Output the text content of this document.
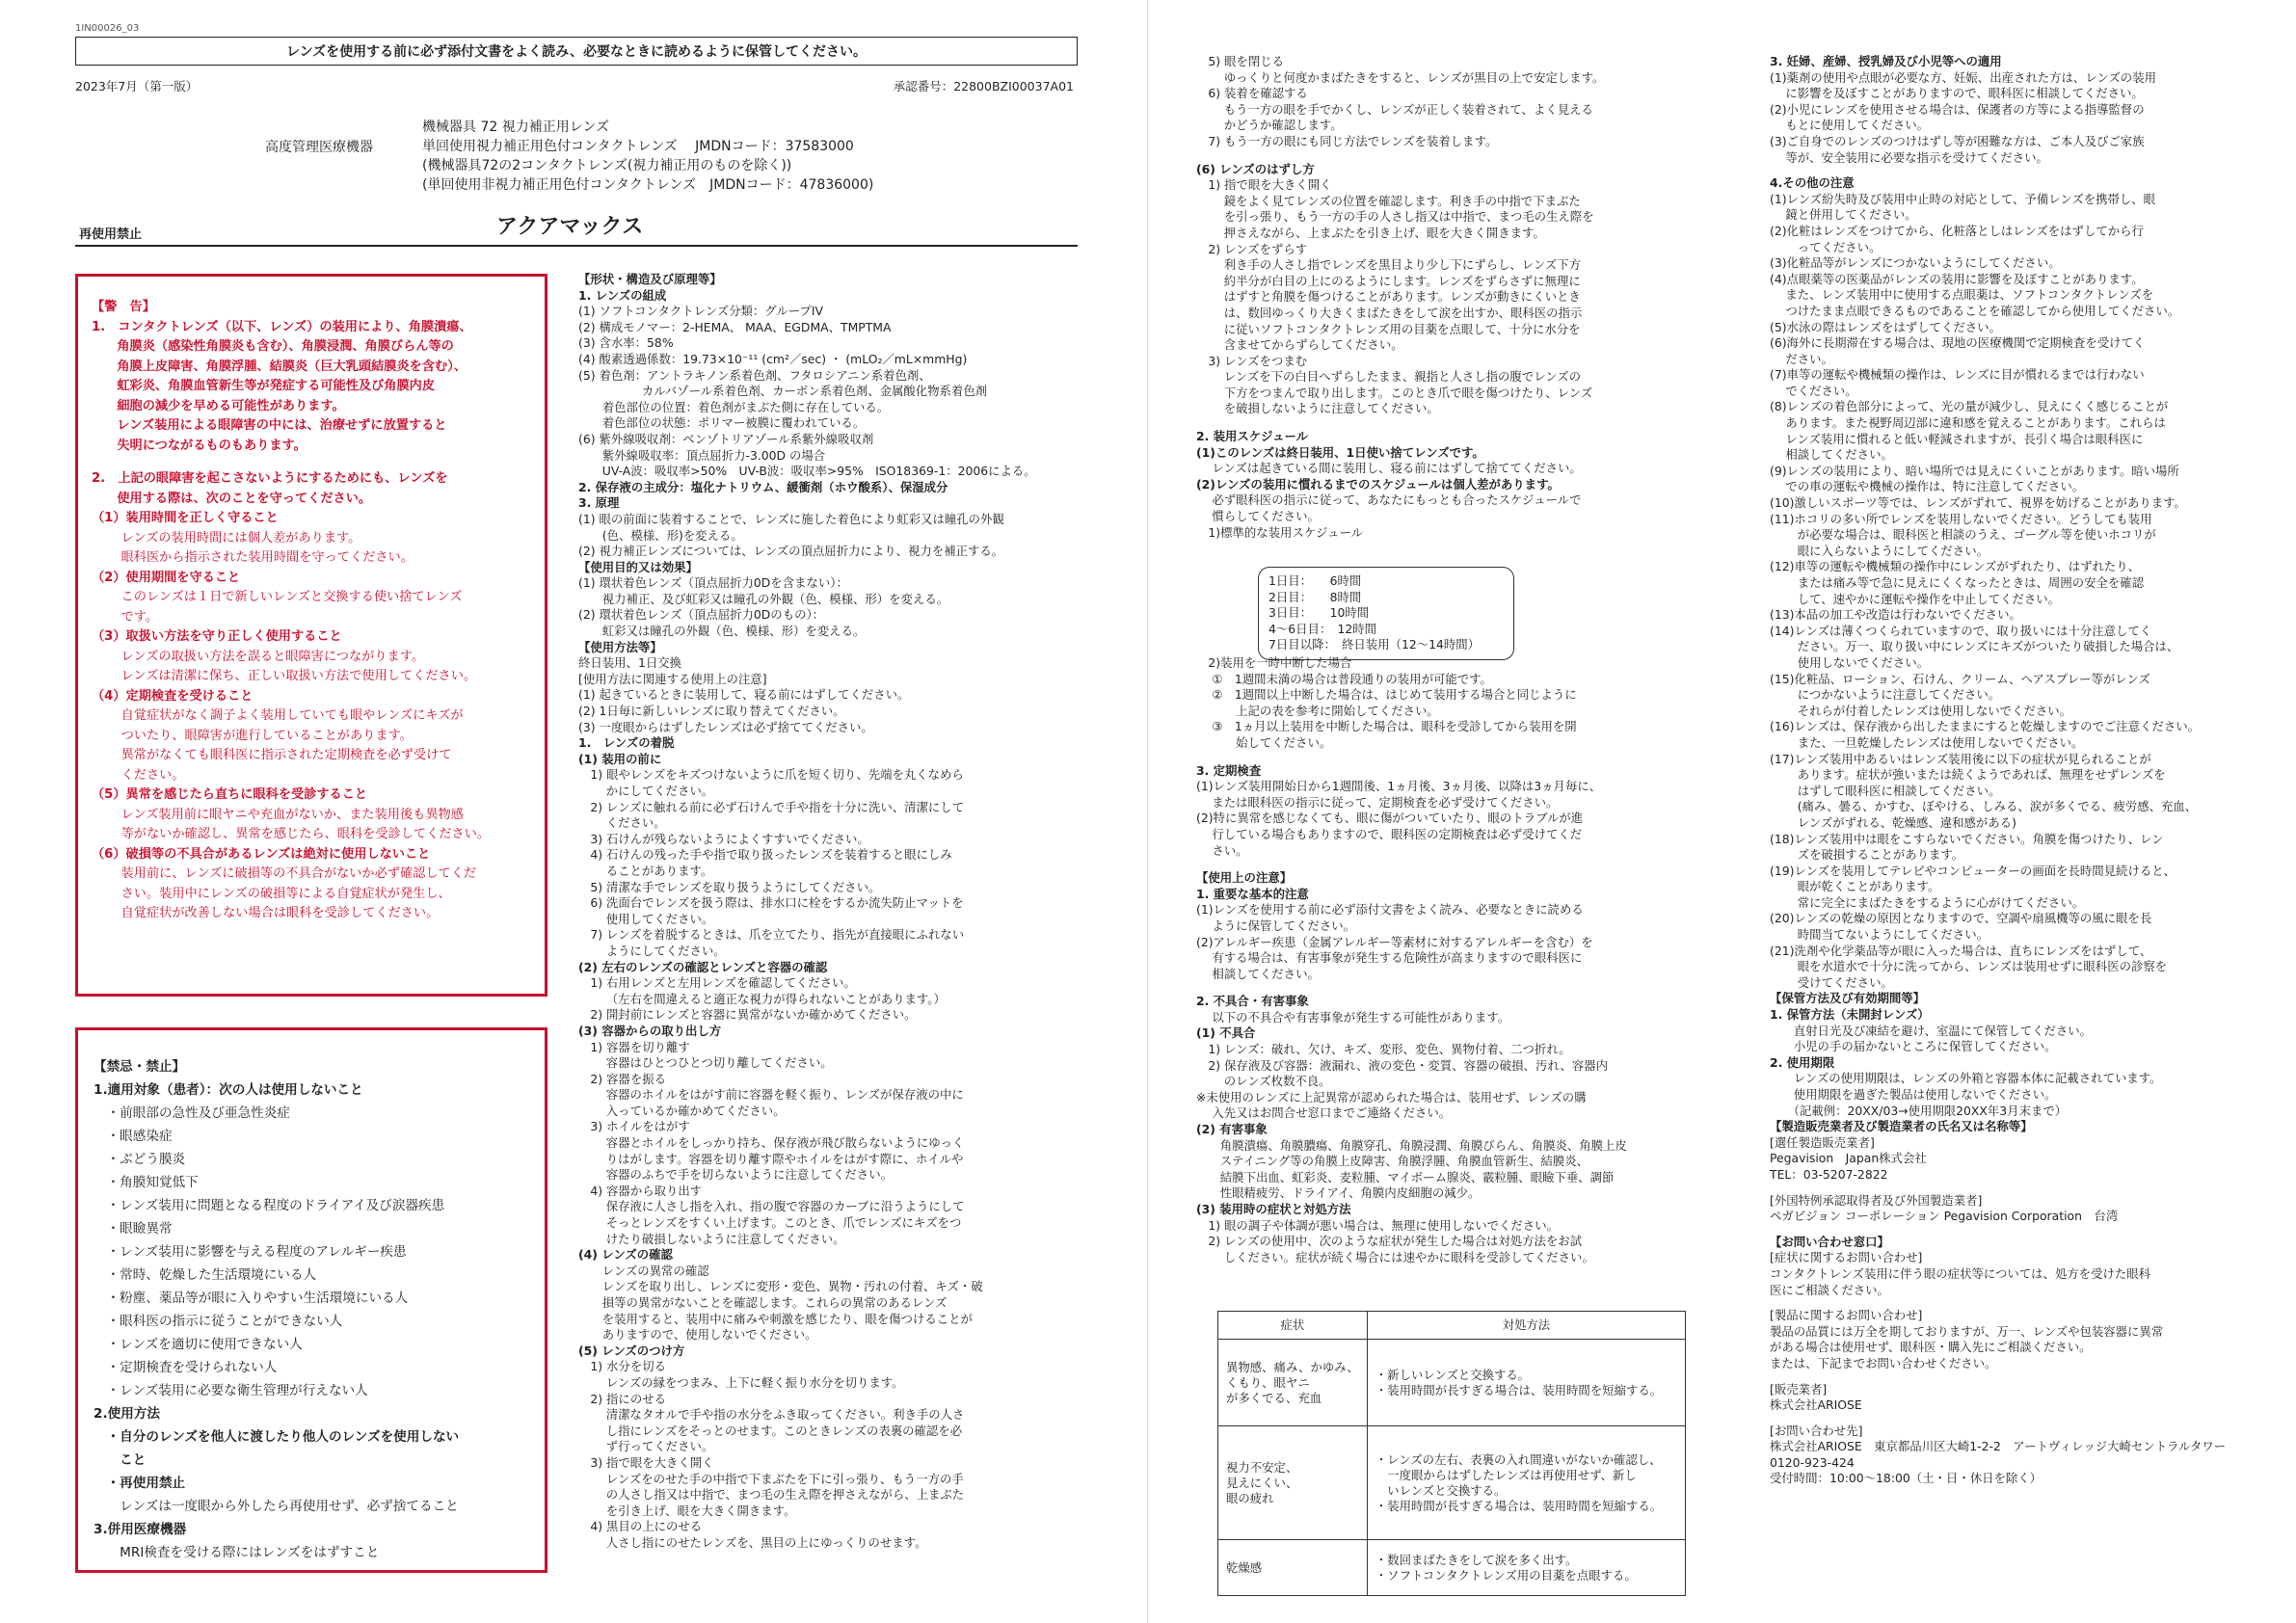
1IN00026_03
レンズを使用する前に必ず添付文書をよく読み、必要なときに読めるように保管してください。
2023年7月（第一版）	承認番号：22800BZI00037A01
高度管理医療機器
機械器具 72 視力補正用レンズ
単回使用視力補正用色付コンタクトレンズ　 JMDNコード：37583000
(機械器具72の2コンタクトレンズ(視力補正用のものを除く))
(単回使用非視力補正用色付コンタクトレンズ　JMDNコード：47836000)
再使用禁止	アクアマックス
【警　告】
1.　コンタクトレンズ（以下、レンズ）の装用により、角膜潰瘍、
　　角膜炎（感染性角膜炎も含む）、角膜浸潤、角膜びらん等の
　　角膜上皮障害、角膜浮腫、結膜炎（巨大乳頭結膜炎を含む）、
　　虹彩炎、角膜血管新生等が発症する可能性及び角膜内皮
　　細胞の減少を早める可能性があります。
　　レンズ装用による眼障害の中には、治療せずに放置すると
　　失明につながるものもあります。
2.　上記の眼障害を起こさないようにするためにも、レンズを
　　使用する際は、次のことを守ってください。
（1）装用時間を正しく守ること
　　 レンズの装用時間には個人差があります。
　　 眼科医から指示された装用時間を守ってください。
（2）使用期間を守ること
　　 このレンズは１日で新しいレンズと交換する使い捨てレンズ
　　 です。
（3）取扱い方法を守り正しく使用すること
　　 レンズの取扱い方法を誤ると眼障害につながります。
　　 レンズは清潔に保ち、正しい取扱い方法で使用してください。
（4）定期検査を受けること
　　 自覚症状がなく調子よく装用していても眼やレンズにキズが
　　 ついたり、眼障害が進行していることがあります。
　　 異常がなくても眼科医に指示された定期検査を必ず受けて
　　 ください。
（5）異常を感じたら直ちに眼科を受診すること
　　 レンズ装用前に眼ヤニや充血がないか、また装用後も異物感
　　 等がないか確認し、異常を感じたら、眼科を受診してください。
（6）破損等の不具合があるレンズは絶対に使用しないこと
　　 装用前に、レンズに破損等の不具合がないか必ず確認してくだ
　　 さい。装用中にレンズの破損等による自覚症状が発生し、
　　 自覚症状が改善しない場合は眼科を受診してください。
【禁忌・禁止】
1.適用対象（患者）：次の人は使用しないこと
　・前眼部の急性及び亜急性炎症
　・眼感染症
　・ぶどう膜炎
　・角膜知覚低下
　・レンズ装用に問題となる程度のドライアイ及び涙器疾患
　・眼瞼異常
　・レンズ装用に影響を与える程度のアレルギー疾患
　・常時、乾燥した生活環境にいる人
　・粉塵、薬品等が眼に入りやすい生活環境にいる人
　・眼科医の指示に従うことができない人
　・レンズを適切に使用できない人
　・定期検査を受けられない人
　・レンズ装用に必要な衛生管理が行えない人
2.使用方法
　・自分のレンズを他人に渡したり他人のレンズを使用しない
　　こと
　・再使用禁止
　　レンズは一度眼から外したら再使用せず、必ず捨てること
3.併用医療機器
　　MRI検査を受ける際にはレンズをはずすこと
【形状・構造及び原理等】
1. レンズの組成
(1) ソフトコンタクトレンズ分類：グループIV
(2) 構成モノマー：2-HEMA、 MAA、EGDMA、TMPTMA
(3) 含水率：58%
(4) 酸素透過係数：19.73×10⁻¹¹ (cm²／sec) ・ (mLO₂／mL×mmHg)
(5) 着色剤：アントラキノン系着色剤、フタロシアニン系着色剤、
　　　　　 カルバゾール系着色剤、カーボン系着色剤、金属酸化物系着色剤
　　着色部位の位置：着色剤がまぶた側に存在している。
　　着色部位の状態：ポリマー被膜に覆われている。
(6) 紫外線吸収剤：ベンゾトリアゾール系紫外線吸収剤
　　紫外線吸収率：頂点屈折力-3.00D の場合
　　UV-A波：吸収率>50%　UV-B波：吸収率>95%　ISO18369-1：2006による。
2. 保存液の主成分：塩化ナトリウム、緩衝剤（ホウ酸系）、保湿成分
3. 原理
(1) 眼の前面に装着することで、レンズに施した着色により虹彩又は瞳孔の外観
　　(色、模様、形)を変える。
(2) 視力補正レンズについては、レンズの頂点屈折力により、視力を補正する。
【使用目的又は効果】
(1) 環状着色レンズ（頂点屈折力0Dを含まない）：
　　視力補正、及び虹彩又は瞳孔の外観（色、模様、形）を変える。
(2) 環状着色レンズ（頂点屈折力0Dのもの）：
　　虹彩又は瞳孔の外観（色、模様、形）を変える。
【使用方法等】
終日装用、1日交換
[使用方法に関連する使用上の注意]
(1) 起きているときに装用して、寝る前にはずしてください。
(2) 1日毎に新しいレンズに取り替えてください。
(3) 一度眼からはずしたレンズは必ず捨ててください。
1.　レンズの着脱
(1) 装用の前に
　1) 眼やレンズをキズつけないように爪を短く切り、先端を丸くなめら
　　 かにしてください。
　2) レンズに触れる前に必ず石けんで手や指を十分に洗い、清潔にして
　　 ください。
　3) 石けんが残らないようによくすすいでください。
　4) 石けんの残った手や指で取り扱ったレンズを装着すると眼にしみ
　　 ることがあります。
　5) 清潔な手でレンズを取り扱うようにしてください。
　6) 洗面台でレンズを扱う際は、排水口に栓をするか流失防止マットを
　　 使用してください。
　7) レンズを着脱するときは、爪を立てたり、指先が直接眼にふれない
　　 ようにしてください。
(2) 左右のレンズの確認とレンズと容器の確認
　1) 右用レンズと左用レンズを確認してください。
　　 （左右を間違えると適正な視力が得られないことがあります。）
　2) 開封前にレンズと容器に異常がないか確かめてください。
(3) 容器からの取り出し方
　1) 容器を切り離す
　　 容器はひとつひとつ切り離してください。
　2) 容器を振る
　　 容器のホイルをはがす前に容器を軽く振り、レンズが保存液の中に
　　 入っているか確かめてください。
　3) ホイルをはがす
　　 容器とホイルをしっかり持ち、保存液が飛び散らないようにゆっく
　　 りはがします。容器を切り離す際やホイルをはがす際に、ホイルや
　　 容器のふちで手を切らないように注意してください。
　4) 容器から取り出す
　　 保存液に人さし指を入れ、指の腹で容器のカーブに沿うようにして
　　 そっとレンズをすくい上げます。このとき、爪でレンズにキズをつ
　　 けたり破損しないように注意してください。
(4) レンズの確認
　　レンズの異常の確認
　　レンズを取り出し、レンズに変形・変色、異物・汚れの付着、キズ・破
　　損等の異常がないことを確認します。これらの異常のあるレンズ
　　を装用すると、装用中に痛みや刺激を感じたり、眼を傷つけることが
　　ありますので、使用しないでください。
(5) レンズのつけ方
　1) 水分を切る
　　 レンズの縁をつまみ、上下に軽く振り水分を切ります。
　2) 指にのせる
　　 清潔なタオルで手や指の水分をふき取ってください。利き手の人さ
　　 し指にレンズをそっとのせます。このときレンズの表裏の確認を必
　　 ず行ってください。
　3) 指で眼を大きく開く
　　 レンズをのせた手の中指で下まぶたを下に引っ張り、もう一方の手
　　 の人さし指又は中指で、まつ毛の生え際を押さえながら、上まぶた
　　 を引き上げ、眼を大きく開きます。
　4) 黒目の上にのせる
　　 人さし指にのせたレンズを、黒目の上にゆっくりのせます。
　5) 眼を閉じる
　　 ゆっくりと何度かまばたきをすると、レンズが黒目の上で安定します。
　6) 装着を確認する
　　 もう一方の眼を手でかくし、レンズが正しく装着されて、よく見える
　　 かどうか確認します。
　7) もう一方の眼にも同じ方法でレンズを装着します。
(6) レンズのはずし方
　1) 指で眼を大きく開く
　　 鏡をよく見てレンズの位置を確認します。利き手の中指で下まぶた
　　 を引っ張り、もう一方の手の人さし指又は中指で、まつ毛の生え際を
　　 押さえながら、上まぶたを引き上げ、眼を大きく開きます。
　2) レンズをずらす
　　 利き手の人さし指でレンズを黒目より少し下にずらし、レンズ下方
　　 約半分が白目の上にのるようにします。レンズをずらさずに無理に
　　 はずすと角膜を傷つけることがあります。レンズが動きにくいとき
　　 は、数回ゆっくり大きくまばたきをして涙を出すか、眼科医の指示
　　 に従いソフトコンタクトレンズ用の目薬を点眼して、十分に水分を
　　 含ませてからずらしてください。
　3) レンズをつまむ
　　 レンズを下の白目へずらしたまま、親指と人さし指の腹でレンズの
　　 下方をつまんで取り出します。このとき爪で眼を傷つけたり、レンズ
　　 を破損しないように注意してください。
2. 装用スケジュール
(1)このレンズは終日装用、1日使い捨てレンズです。
　 レンズは起きている間に装用し、寝る前にはずして捨ててください。
(2)レンズの装用に慣れるまでのスケジュールは個人差があります。
　 必ず眼科医の指示に従って、あなたにもっとも合ったスケジュールで
　 慣らしてください。
　1)標準的な装用スケジュール
1日目：　　6時間
2日目：　　8時間
3日目：　　10時間
4～6日目：　12時間
7日目以降：　終日装用（12～14時間）
　2)装用を一時中断した場合
　 ①　1週間未満の場合は普段通りの装用が可能です。
　 ②　1週間以上中断した場合は、はじめて装用する場合と同じように
　　　 上記の表を参考に開始してください。
　 ③　1ヵ月以上装用を中断した場合は、眼科を受診してから装用を開
　　　 始してください。
3. 定期検査
(1)レンズ装用開始日から1週間後、1ヵ月後、3ヵ月後、以降は3ヵ月毎に、
　 または眼科医の指示に従って、定期検査を必ず受けてください。
(2)特に異常を感じなくても、眼に傷がついていたり、眼のトラブルが進
　 行している場合もありますので、眼科医の定期検査は必ず受けてくだ
　 さい。
【使用上の注意】
1. 重要な基本的注意
(1)レンズを使用する前に必ず添付文書をよく読み、必要なときに読める
　 ように保管してください。
(2)アレルギー疾患（金属アレルギー等素材に対するアレルギーを含む）を
　 有する場合は、有害事象が発生する危険性が高まりますので眼科医に
　 相談してください。
2. 不具合・有害事象
　 以下の不具合や有害事象が発生する可能性があります。
(1) 不具合
　1) レンズ：破れ、欠け、キズ、変形、変色、異物付着、二つ折れ。
　2) 保存液及び容器：液漏れ、液の変色・変質、容器の破損、汚れ、容器内
　　 のレンズ枚数不良。
※未使用のレンズに上記異常が認められた場合は、装用せず、レンズの購
　 入先又はお問合せ窓口までご連絡ください。
(2) 有害事象
　　角膜潰瘍、角膜膿瘍、角膜穿孔、角膜浸潤、角膜びらん、角膜炎、角膜上皮
　　ステイニング等の角膜上皮障害、角膜浮腫、角膜血管新生、結膜炎、
　　結膜下出血、虹彩炎、麦粒腫、マイボーム腺炎、霰粒腫、眼瞼下垂、調節
　　性眼精疲労、ドライアイ、角膜内皮細胞の減少。
(3) 装用時の症状と対処方法
　1) 眼の調子や体調が悪い場合は、無理に使用しないでください。
　2) レンズの使用中、次のような症状が発生した場合は対処方法をお試
　　 しください。症状が続く場合には速やかに眼科を受診してください。
症状	対処方法
異物感、痛み、かゆみ、
くもり、眼ヤニ
が多くでる、充血	・新しいレンズと交換する。
・装用時間が長すぎる場合は、装用時間を短縮する。
視力不安定、
見えにくい、
眼の疲れ	・レンズの左右、表裏の入れ間違いがないか確認し、
　一度眼からはずしたレンズは再使用せず、新し
　いレンズと交換する。
・装用時間が長すぎる場合は、装用時間を短縮する。
乾燥感	・数回まばたきをして涙を多く出す。
・ソフトコンタクトレンズ用の目薬を点眼する。
3. 妊婦、産婦、授乳婦及び小児等への適用
(1)薬剤の使用や点眼が必要な方、妊娠、出産された方は、レンズの装用
　 に影響を及ぼすことがありますので、眼科医に相談してください。
(2)小児にレンズを使用させる場合は、保護者の方等による指導監督の
　 もとに使用してください。
(3)ご自身でのレンズのつけはずし等が困難な方は、ご本人及びご家族
　 等が、安全装用に必要な指示を受けてください。
4.その他の注意
(1)レンズ紛失時及び装用中止時の対応として、予備レンズを携帯し、眼
　 鏡と併用してください。
(2)化粧はレンズをつけてから、化粧落としはレンズをはずしてから行
　　 ってください。
(3)化粧品等がレンズにつかないようにしてください。
(4)点眼薬等の医薬品がレンズの装用に影響を及ぼすことがあります。
　 また、レンズ装用中に使用する点眼薬は、ソフトコンタクトレンズを
　 つけたまま点眼できるものであることを確認してから使用してください。
(5)水泳の際はレンズをはずしてください。
(6)海外に長期滞在する場合は、現地の医療機関で定期検査を受けてく
　 ださい。
(7)車等の運転や機械類の操作は、レンズに目が慣れるまでは行わない
　 でください。
(8)レンズの着色部分によって、光の量が減少し、見えにくく感じることが
　 あります。また視野周辺部に違和感を覚えることがあります。これらは
　 レンズ装用に慣れると低い軽減されますが、長引く場合は眼科医に
　 相談してください。
(9)レンズの装用により、暗い場所では見えにくいことがあります。暗い場所
　 での車の運転や機械の操作は、特に注意してください。
(10)激しいスポーツ等では、レンズがずれて、視界を妨げることがあります。
(11)ホコリの多い所でレンズを装用しないでください。どうしても装用
　　 が必要な場合は、眼科医と相談のうえ、ゴーグル等を使いホコリが
　　 眼に入らないようにしてください。
(12)車等の運転や機械類の操作中にレンズがずれたり、はずれたり、
　　 または痛み等で急に見えにくくなったときは、周囲の安全を確認
　　 して、速やかに運転や操作を中止してください。
(13)本品の加工や改造は行わないでください。
(14)レンズは薄くつくられていますので、取り扱いには十分注意してく
　　 ださい。万一、取り扱い中にレンズにキズがついたり破損した場合は、
　　 使用しないでください。
(15)化粧品、ローション、石けん、クリーム、ヘアスプレー等がレンズ
　　 につかないように注意してください。
　　 それらが付着したレンズは使用しないでください。
(16)レンズは、保存液から出したままにすると乾燥しますのでご注意ください。
　　 また、一旦乾燥したレンズは使用しないでください。
(17)レンズ装用中あるいはレンズ装用後に以下の症状が見られることが
　　 あります。症状が強いまたは続くようであれば、無理をせずレンズを
　　 はずして眼科医に相談してください。
　　 (痛み、曇る、かすむ、ぼやける、しみる、涙が多くでる、疲労感、充血、
　　 レンズがずれる、乾燥感、違和感がある)
(18)レンズ装用中は眼をこすらないでください。角膜を傷つけたり、レン
　　 ズを破損することがあります。
(19)レンズを装用してテレビやコンピューターの画面を長時間見続けると、
　　 眼が乾くことがあります。
　　 常に完全にまばたきをするように心がけてください。
(20)レンズの乾燥の原因となりますので、空調や扇風機等の風に眼を長
　　 時間当てないようにしてください。
(21)洗剤や化学薬品等が眼に入った場合は、直ちにレンズをはずして、
　　 眼を水道水で十分に洗ってから、レンズは装用せずに眼科医の診察を
　　 受けてください。
【保管方法及び有効期間等】
1. 保管方法（未開封レンズ）
　　直射日光及び凍結を避け、室温にて保管してください。
　　小児の手の届かないところに保管してください。
2. 使用期限
　　レンズの使用期限は、レンズの外箱と容器本体に記載されています。
　　使用期限を過ぎた製品は使用しないでください。
　　（記載例：20XX/03→使用期限20XX年3月末まで）
【製造販売業者及び製造業者の氏名又は名称等】
[選任製造販売業者]
Pegavision　Japan株式会社
TEL：03-5207-2822
[外国特例承認取得者及び外国製造業者]
ペガビジョン コーポレーション Pegavision Corporation　台湾
【お問い合わせ窓口】
[症状に関するお問い合わせ]
コンタクトレンズ装用に伴う眼の症状等については、処方を受けた眼科
医にご相談ください。
[製品に関するお問い合わせ]
製品の品質には万全を期しておりますが、万一、レンズや包装容器に異常
がある場合は使用せず、眼科医・購入先にご相談ください。
または、下記までお問い合わせください。
[販売業者]
株式会社ARIOSE
[お問い合わせ先]
株式会社ARIOSE　東京都品川区大崎1-2-2　アートヴィレッジ大崎セントラルタワー
0120-923-424
受付時間：10:00～18:00（土・日・休日を除く）
